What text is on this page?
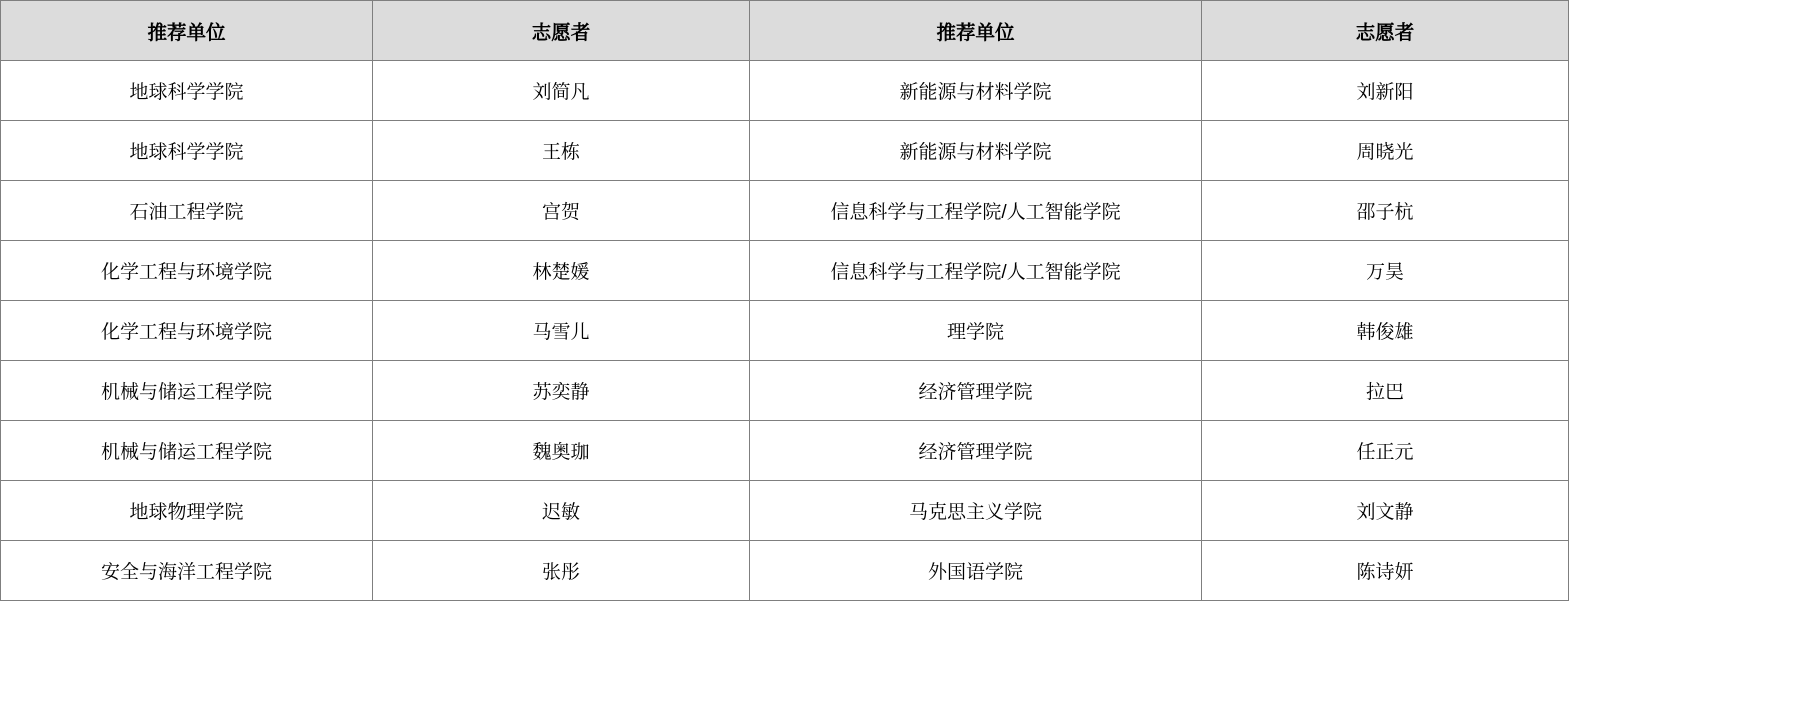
推荐单位	志愿者	推荐单位	志愿者
地球科学学院	刘简凡	新能源与材料学院	刘新阳
地球科学学院	王栋	新能源与材料学院	周晓光
石油工程学院	宫贺	信息科学与工程学院/人工智能学院	邵子杭
化学工程与环境学院	林楚媛	信息科学与工程学院/人工智能学院	万昊
化学工程与环境学院	马雪儿	理学院	韩俊雄
机械与储运工程学院	苏奕静	经济管理学院	拉巴
机械与储运工程学院	魏奥珈	经济管理学院	任正元
地球物理学院	迟敏	马克思主义学院	刘文静
安全与海洋工程学院	张彤	外国语学院	陈诗妍
